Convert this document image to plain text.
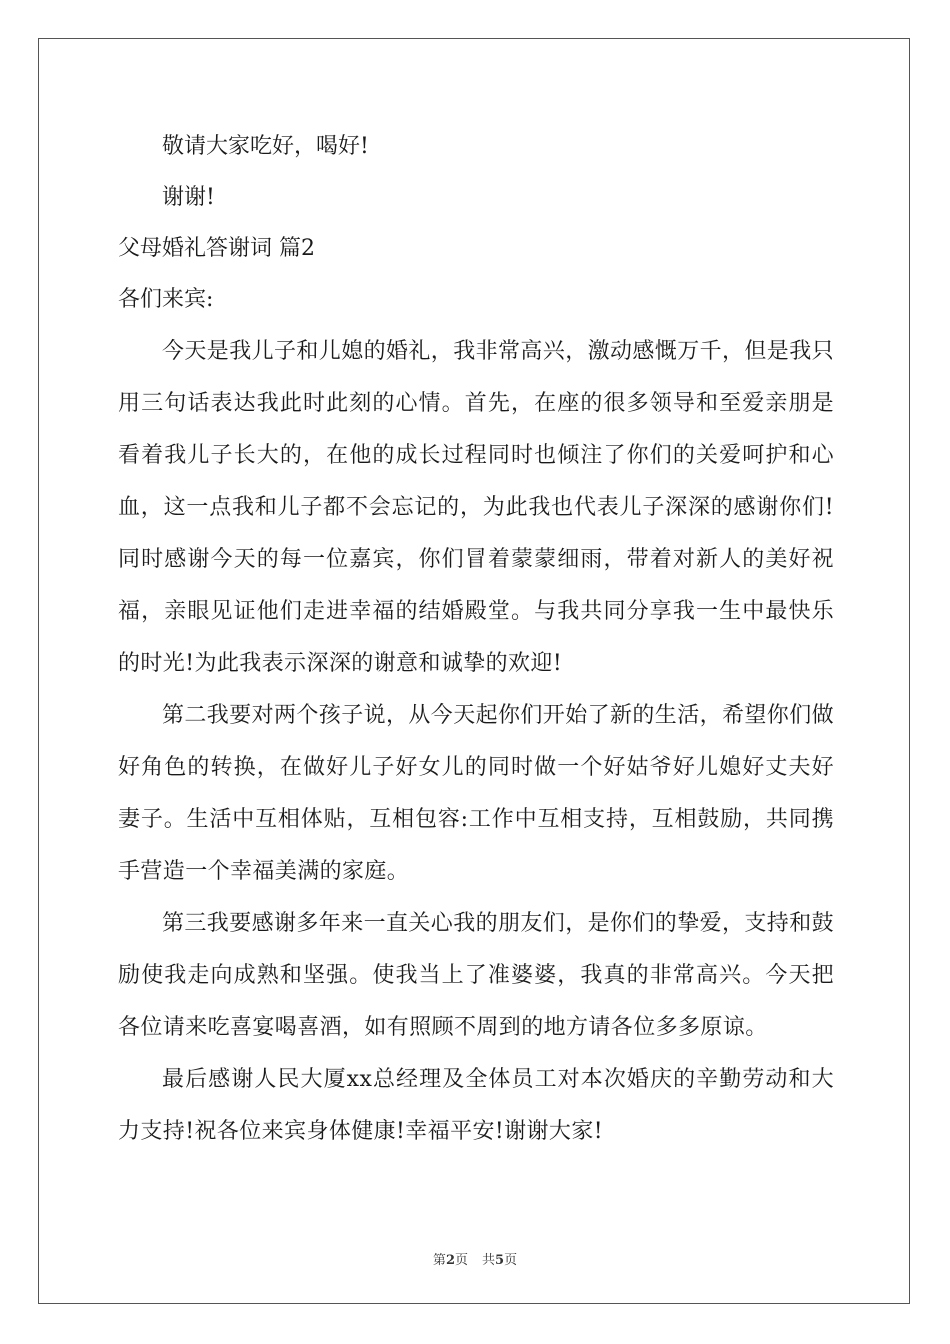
敬请大家吃好，喝好!

谢谢!

父母婚礼答谢词 篇2

各们来宾:

今天是我儿子和儿媳的婚礼，我非常高兴，激动感慨万千，但是我只用三句话表达我此时此刻的心情。首先，在座的很多领导和至爱亲朋是看着我儿子长大的，在他的成长过程同时也倾注了你们的关爱呵护和心血，这一点我和儿子都不会忘记的，为此我也代表儿子深深的感谢你们!同时感谢今天的每一位嘉宾，你们冒着蒙蒙细雨，带着对新人的美好祝福，亲眼见证他们走进幸福的结婚殿堂。与我共同分享我一生中最快乐的时光!为此我表示深深的谢意和诚挚的欢迎!

第二我要对两个孩子说，从今天起你们开始了新的生活，希望你们做好角色的转换，在做好儿子好女儿的同时做一个好姑爷好儿媳好丈夫好妻子。生活中互相体贴，互相包容:工作中互相支持，互相鼓励，共同携手营造一个幸福美满的家庭。

第三我要感谢多年来一直关心我的朋友们，是你们的挚爱，支持和鼓励使我走向成熟和坚强。使我当上了准婆婆，我真的非常高兴。今天把各位请来吃喜宴喝喜酒，如有照顾不周到的地方请各位多多原谅。

最后感谢人民大厦xx总经理及全体员工对本次婚庆的辛勤劳动和大力支持!祝各位来宾身体健康!幸福平安!谢谢大家!

第2页 共5页
